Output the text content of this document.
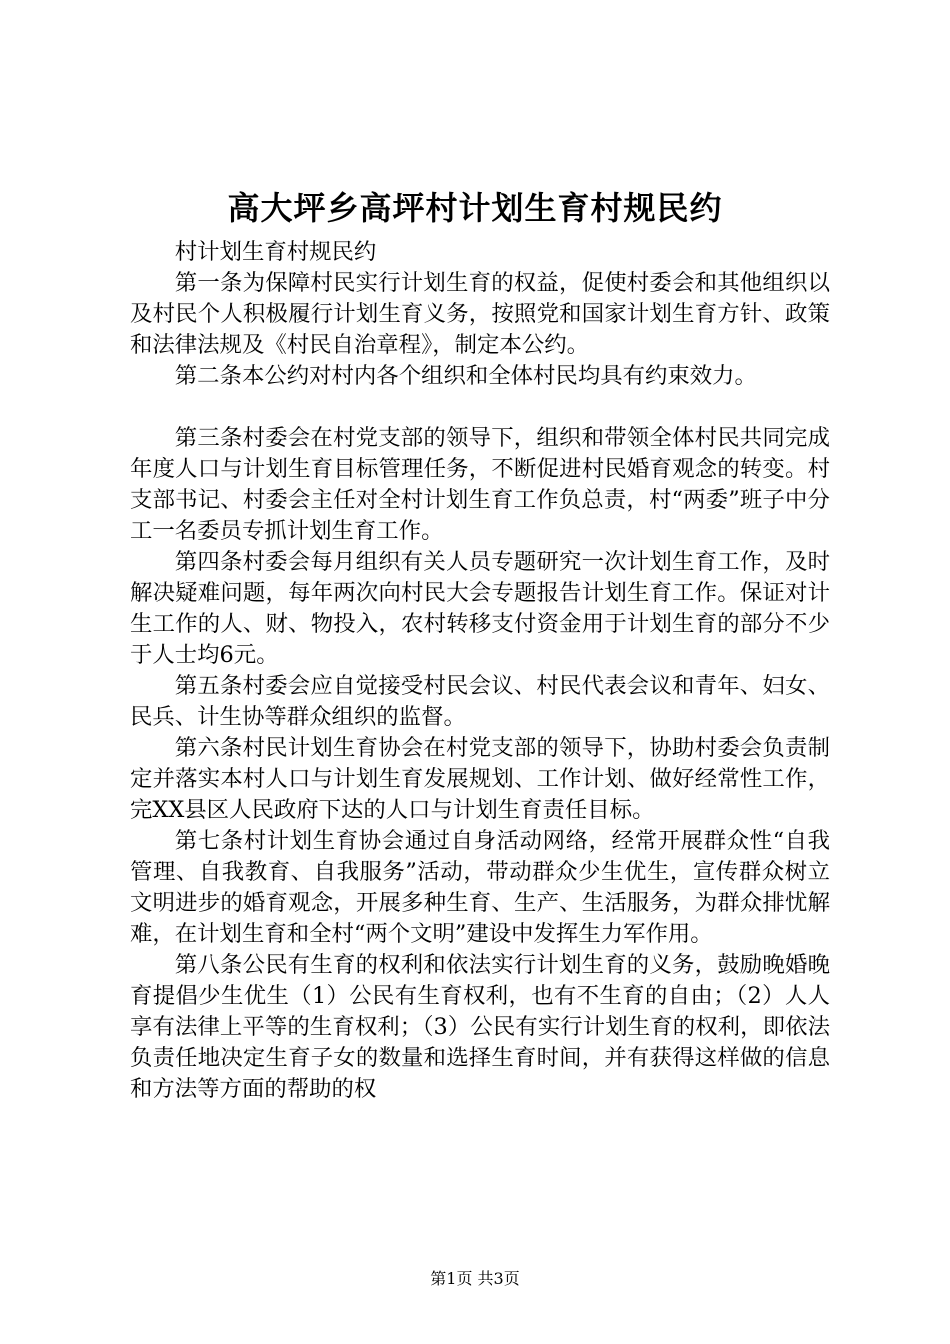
高大坪乡高坪村计划生育村规民约

村计划生育村规民约

第一条为保障村民实行计划生育的权益，促使村委会和其他组织以及村民个人积极履行计划生育义务，按照党和国家计划生育方针、政策和法律法规及《村民自治章程》，制定本公约。

第二条本公约对村内各个组织和全体村民均具有约束效力。

第三条村委会在村党支部的领导下，组织和带领全体村民共同完成年度人口与计划生育目标管理任务，不断促进村民婚育观念的转变。村支部书记、村委会主任对全村计划生育工作负总责，村“两委”班子中分工一名委员专抓计划生育工作。

第四条村委会每月组织有关人员专题研究一次计划生育工作，及时解决疑难问题，每年两次向村民大会专题报告计划生育工作。保证对计生工作的人、财、物投入，农村转移支付资金用于计划生育的部分不少于人士均6元。

第五条村委会应自觉接受村民会议、村民代表会议和青年、妇女、民兵、计生协等群众组织的监督。

第六条村民计划生育协会在村党支部的领导下，协助村委会负责制定并落实本村人口与计划生育发展规划、工作计划、做好经常性工作，完XX县区人民政府下达的人口与计划生育责任目标。

第七条村计划生育协会通过自身活动网络，经常开展群众性“自我管理、自我教育、自我服务”活动，带动群众少生优生，宣传群众树立文明进步的婚育观念，开展多种生育、生产、生活服务，为群众排忧解难，在计划生育和全村“两个文明”建设中发挥生力军作用。

第八条公民有生育的权利和依法实行计划生育的义务，鼓励晚婚晚育提倡少生优生（1）公民有生育权利，也有不生育的自由；（2）人人享有法律上平等的生育权利；（3）公民有实行计划生育的权利，即依法负责任地决定生育子女的数量和选择生育时间，并有获得这样做的信息和方法等方面的帮助的权

第1页 共3页
